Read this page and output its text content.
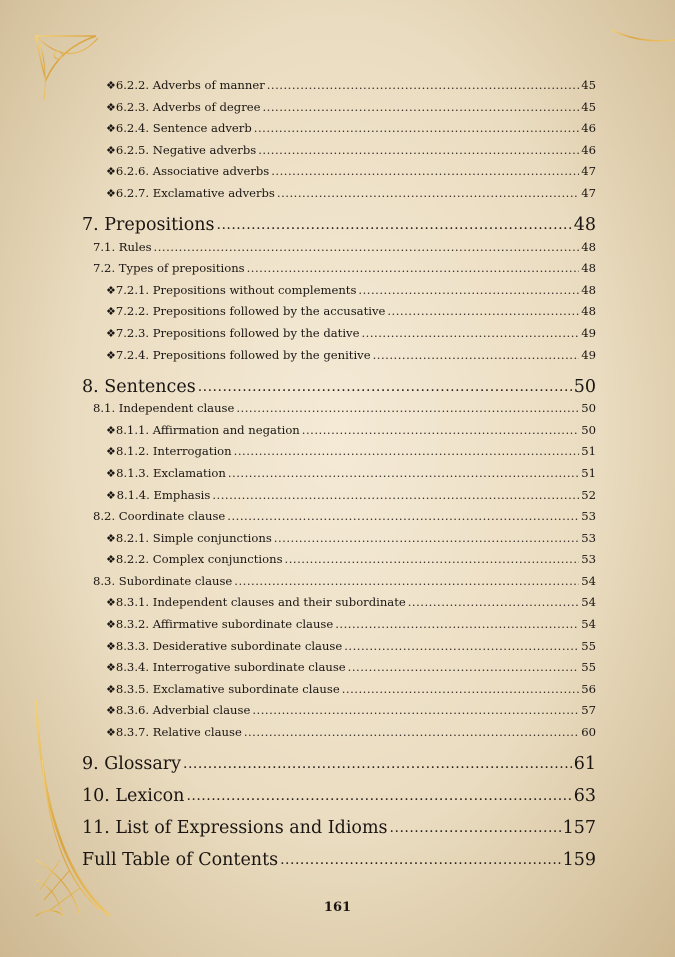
❖ 6.2.2. Adverbs of manner .....	45
❖ 6.2.3. Adverbs of degree .....	45
❖ 6.2.4. Sentence adverb .....	46
❖ 6.2.5. Negative adverbs .....	46
❖ 6.2.6. Associative adverbs .....	47
❖ 6.2.7. Exclamative adverbs .....	47
7. Prepositions .....	48
7.1. Rules .....	48
7.2. Types of prepositions .....	48
❖ 7.2.1. Prepositions without complements .....	48
❖ 7.2.2. Prepositions followed by the accusative .....	48
❖ 7.2.3. Prepositions followed by the dative .....	49
❖ 7.2.4. Prepositions followed by the genitive .....	49
8. Sentences .....	50
8.1. Independent clause .....	50
❖ 8.1.1. Affirmation and negation .....	50
❖ 8.1.2. Interrogation .....	51
❖ 8.1.3. Exclamation .....	51
❖ 8.1.4. Emphasis .....	52
8.2. Coordinate clause .....	53
❖ 8.2.1. Simple conjunctions .....	53
❖ 8.2.2. Complex conjunctions .....	53
8.3. Subordinate clause .....	54
❖ 8.3.1. Independent clauses and their subordinate .....	54
❖ 8.3.2. Affirmative subordinate clause .....	54
❖ 8.3.3. Desiderative subordinate clause .....	55
❖ 8.3.4. Interrogative subordinate clause .....	55
❖ 8.3.5. Exclamative subordinate clause .....	56
❖ 8.3.6. Adverbial clause .....	57
❖ 8.3.7. Relative clause .....	60
9. Glossary .....	61
10. Lexicon .....	63
11. List of Expressions and Idioms .....	157
Full Table of Contents .....	159
161
